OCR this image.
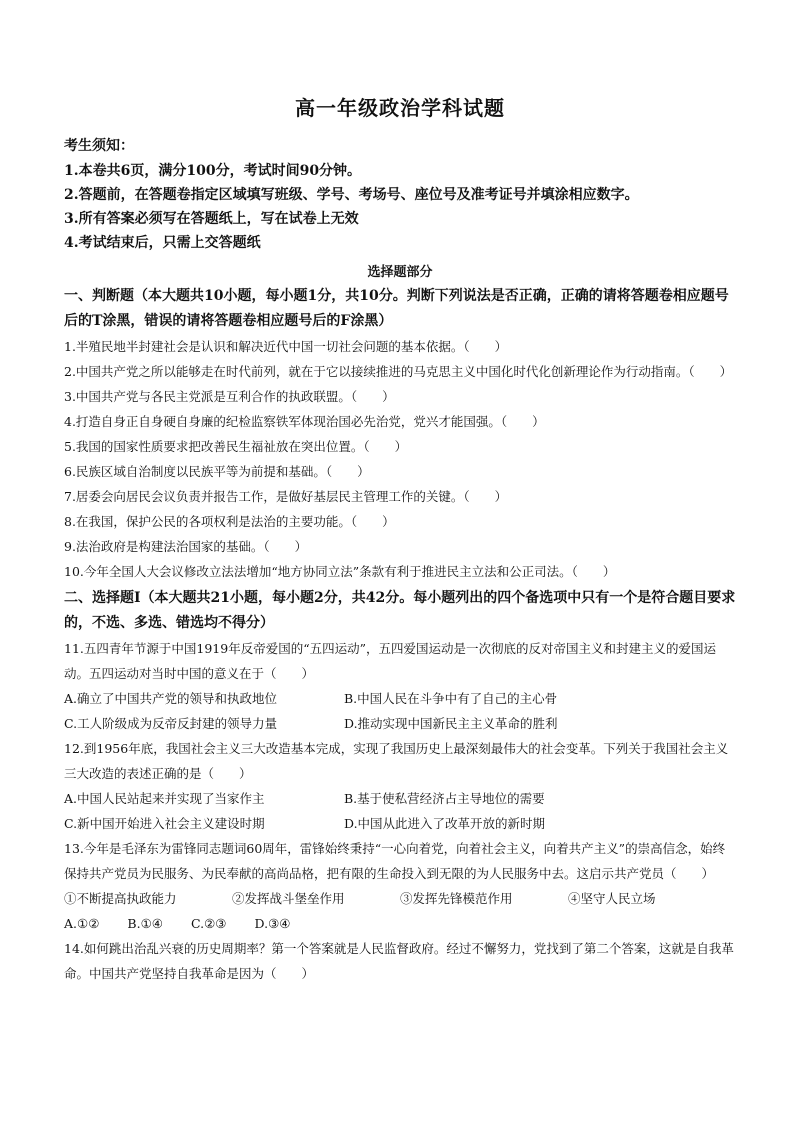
高一年级政治学科试题
考生须知：
1.本卷共6页，满分100分，考试时间90分钟。
2.答题前，在答题卷指定区域填写班级、学号、考场号、座位号及准考证号并填涂相应数字。
3.所有答案必须写在答题纸上，写在试卷上无效
4.考试结束后，只需上交答题纸
选择题部分
一、判断题（本大题共10小题，每小题1分，共10分。判断下列说法是否正确，正确的请将答题卷相应题号后的T涂黑，错误的请将答题卷相应题号后的F涂黑）
1.半殖民地半封建社会是认识和解决近代中国一切社会问题的基本依据。（　　）
2.中国共产党之所以能够走在时代前列，就在于它以接续推进的马克思主义中国化时代化创新理论作为行动指南。（　　）
3.中国共产党与各民主党派是互利合作的执政联盟。（　　）
4.打造自身正自身硬自身廉的纪检监察铁军体现治国必先治党，党兴才能国强。（　　）
5.我国的国家性质要求把改善民生福祉放在突出位置。（　　）
6.民族区域自治制度以民族平等为前提和基础。（　　）
7.居委会向居民会议负责并报告工作，是做好基层民主管理工作的关键。（　　）
8.在我国，保护公民的各项权利是法治的主要功能。（　　）
9.法治政府是构建法治国家的基础。（　　）
10.今年全国人大会议修改立法法增加“地方协同立法”条款有利于推进民主立法和公正司法。（　　）
二、选择题Ⅰ（本大题共21小题，每小题2分，共42分。每小题列出的四个备选项中只有一个是符合题目要求的，不选、多选、错选均不得分）
11.五四青年节源于中国1919年反帝爱国的“五四运动”，五四爱国运动是一次彻底的反对帝国主义和封建主义的爱国运动。五四运动对当时中国的意义在于（　　）
A.确立了中国共产党的领导和执政地位	B.中国人民在斗争中有了自己的主心骨
C.工人阶级成为反帝反封建的领导力量	D.推动实现中国新民主主义革命的胜利
12.到1956年底，我国社会主义三大改造基本完成，实现了我国历史上最深刻最伟大的社会变革。下列关于我国社会主义三大改造的表述正确的是（　　）
A.中国人民站起来并实现了当家作主	B.基于使私营经济占主导地位的需要
C.新中国开始进入社会主义建设时期	D.中国从此进入了改革开放的新时期
13.今年是毛泽东为雷锋同志题词60周年，雷锋始终秉持“一心向着党，向着社会主义，向着共产主义”的崇高信念，始终保持共产党员为民服务、为民奉献的高尚品格，把有限的生命投入到无限的为人民服务中去。这启示共产党员（　　）
①不断提高执政能力	②发挥战斗堡垒作用	③发挥先锋模范作用	④坚守人民立场
A.①② B.①④ C.②③ D.③④
14.如何跳出治乱兴衰的历史周期率？第一个答案就是人民监督政府。经过不懈努力，党找到了第二个答案，这就是自我革命。中国共产党坚持自我革命是因为（　　）
